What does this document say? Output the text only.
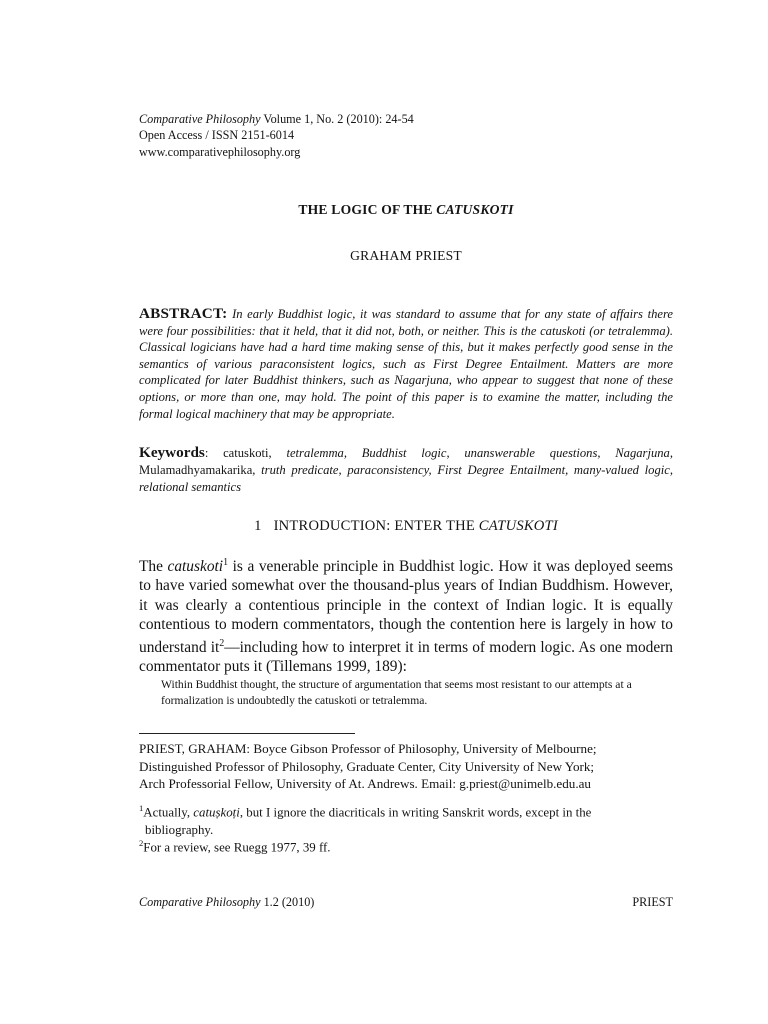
Comparative Philosophy Volume 1, No. 2 (2010): 24-54
Open Access / ISSN 2151-6014
www.comparativephilosophy.org
THE LOGIC OF THE CATUSKOTI
GRAHAM PRIEST
ABSTRACT: In early Buddhist logic, it was standard to assume that for any state of affairs there were four possibilities: that it held, that it did not, both, or neither. This is the catuskoti (or tetralemma). Classical logicians have had a hard time making sense of this, but it makes perfectly good sense in the semantics of various paraconsistent logics, such as First Degree Entailment. Matters are more complicated for later Buddhist thinkers, such as Nagarjuna, who appear to suggest that none of these options, or more than one, may hold. The point of this paper is to examine the matter, including the formal logical machinery that may be appropriate.
Keywords: catuskoti, tetralemma, Buddhist logic, unanswerable questions, Nagarjuna, Mulamadhyamakarika, truth predicate, paraconsistency, First Degree Entailment, many-valued logic, relational semantics
1 INTRODUCTION: ENTER THE CATUSKOTI
The catuskoti$^1$ is a venerable principle in Buddhist logic. How it was deployed seems to have varied somewhat over the thousand-plus years of Indian Buddhism. However, it was clearly a contentious principle in the context of Indian logic. It is equally contentious to modern commentators, though the contention here is largely in how to understand $it^2—including$ how to interpret it in terms of modern logic. As one modern commentator puts it (Tillemans 1999, 189):
Within Buddhist thought, the structure of argumentation that seems most resistant to our attempts at a formalization is undoubtedly the catuskoti or tetralemma.
PRIEST, GRAHAM: Boyce Gibson Professor of Philosophy, University of Melbourne;
Distinguished Professor of Philosophy, Graduate Center, City University of New York;
Arch Professorial Fellow, University of At. Andrews. Email: g.priest@unimelb.edu.au
$^1$Actually, catuṣkoṭi, but I ignore the diacriticals in writing Sanskrit words, except in the
bibliography.
$^2$For a review, see Ruegg 1977, 39 ff.
Comparative Philosophy 1.2 (2010)	PRIEST
